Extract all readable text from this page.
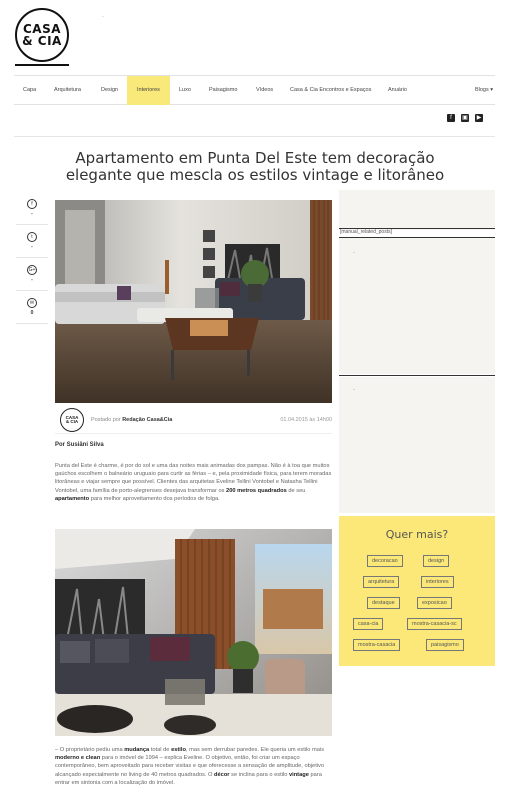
CASA
& CIA
·
Blogs ▾
Capa	Arquitetura	Design	Interiores	Luxo	Paisagismo	Vídeos	Casa & Cia Encontros e Espaços	Anuário
f	▣ ▶
Apartamento em Punta Del Este tem decoração elegante que mescla os estilos vintage e litorâneo
f
-
t
-
G+
-
✉
0
CASA
& CIA Postado por Redação Casa&Cia	01.04.2015 às 14h00
Por Susiâni Silva
Punta del Este é charme, é por do sol e uma das noites mais animadas dos pampas. Não é à toa que muitos gaúchos escolhem o balneário uruguaio para curtir as férias – e, pela proximidade física, para terem moradas litorâneas e viajar sempre que possível. Clientes das arquitetas Eveline Tellini Vontobel e Natasha Tellini Vontobel, uma família de porto-alegrenses desejava transformar os 200 metros quadrados de seu apartamento para melhor aproveitamento dos períodos de folga.
– O proprietário pediu uma mudança total de estilo, mas sem derrubar paredes. Ele queria um estilo mais moderno e clean para o imóvel de 1994 – explica Eveline. O objetivo, então, foi criar um espaço contemporâneo, bem aproveitado para receber visitas e que oferecesse a sensação de amplitude, objetivo alcançado especialmente no living de 40 metros quadrados. O décor se inclina para o estilo vintage para entrar em sintonia com a localização do imóvel.
[manual_related_posts]
·
·
Quer mais?
decoracao	design
arquitetura	interiores
destaque	exposicao
casa-cia	mostra-casacia-sc
mostra-casacia	paisagismo
